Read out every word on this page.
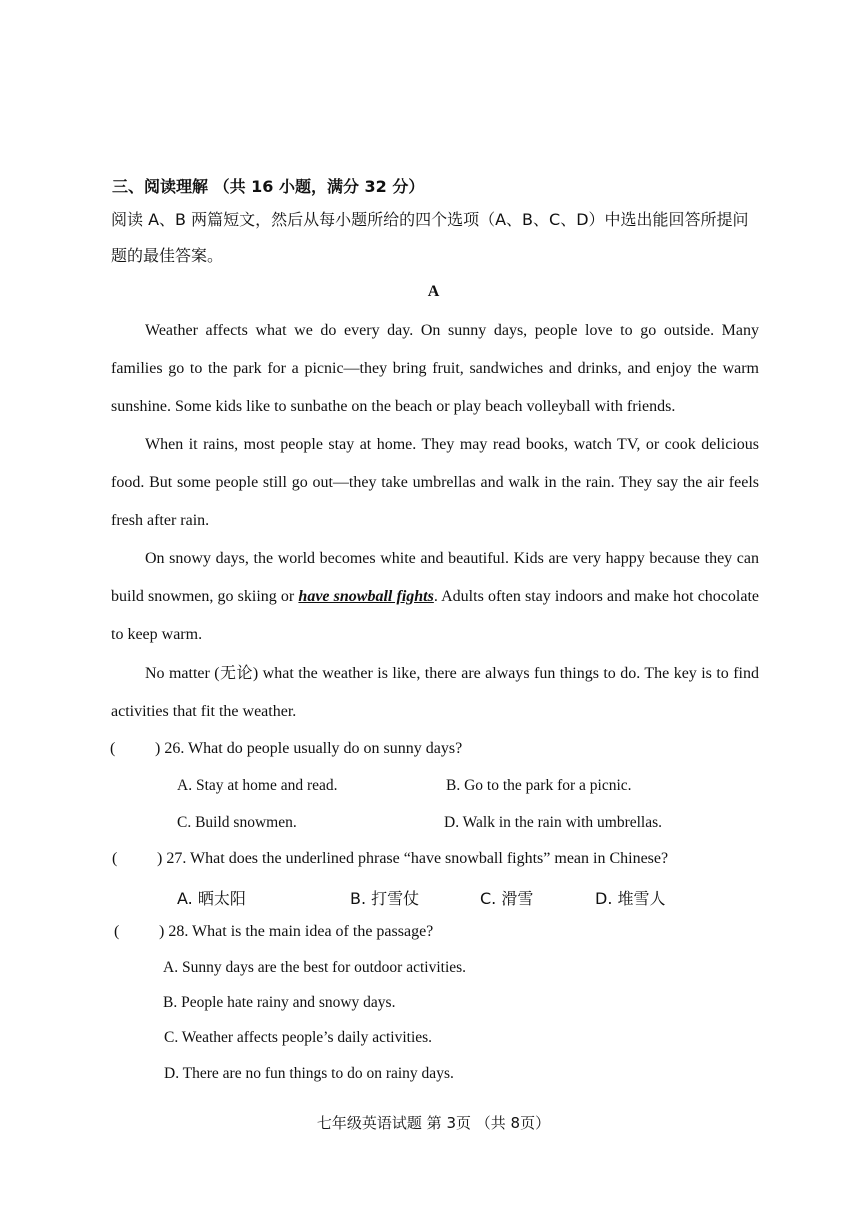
三、阅读理解 （共 16 小题，满分 32 分）
阅读 A、B 两篇短文，然后从每小题所给的四个选项（A、B、C、D）中选出能回答所提问题的最佳答案。
A
Weather affects what we do every day. On sunny days, people love to go outside. Many families go to the park for a picnic—they bring fruit, sandwiches and drinks, and enjoy the warm sunshine. Some kids like to sunbathe on the beach or play beach volleyball with friends.
When it rains, most people stay at home. They may read books, watch TV, or cook delicious food. But some people still go out—they take umbrellas and walk in the rain. They say the air feels fresh after rain.
On snowy days, the world becomes white and beautiful. Kids are very happy because they can build snowmen, go skiing or have snowball fights. Adults often stay indoors and make hot chocolate to keep warm.
No matter (无论) what the weather is like, there are always fun things to do. The key is to find activities that fit the weather.
( ) 26. What do people usually do on sunny days?
A. Stay at home and read.	B. Go to the park for a picnic.
C. Build snowmen.	D. Walk in the rain with umbrellas.
( ) 27. What does the underlined phrase “have snowball fights” mean in Chinese?
A. 晒太阳	B. 打雪仗	C. 滑雪	D. 堆雪人
( ) 28. What is the main idea of the passage?
A. Sunny days are the best for outdoor activities.
B. People hate rainy and snowy days.
C. Weather affects people’s daily activities.
D. There are no fun things to do on rainy days.
七年级英语试题 第 3页 （共 8页）
